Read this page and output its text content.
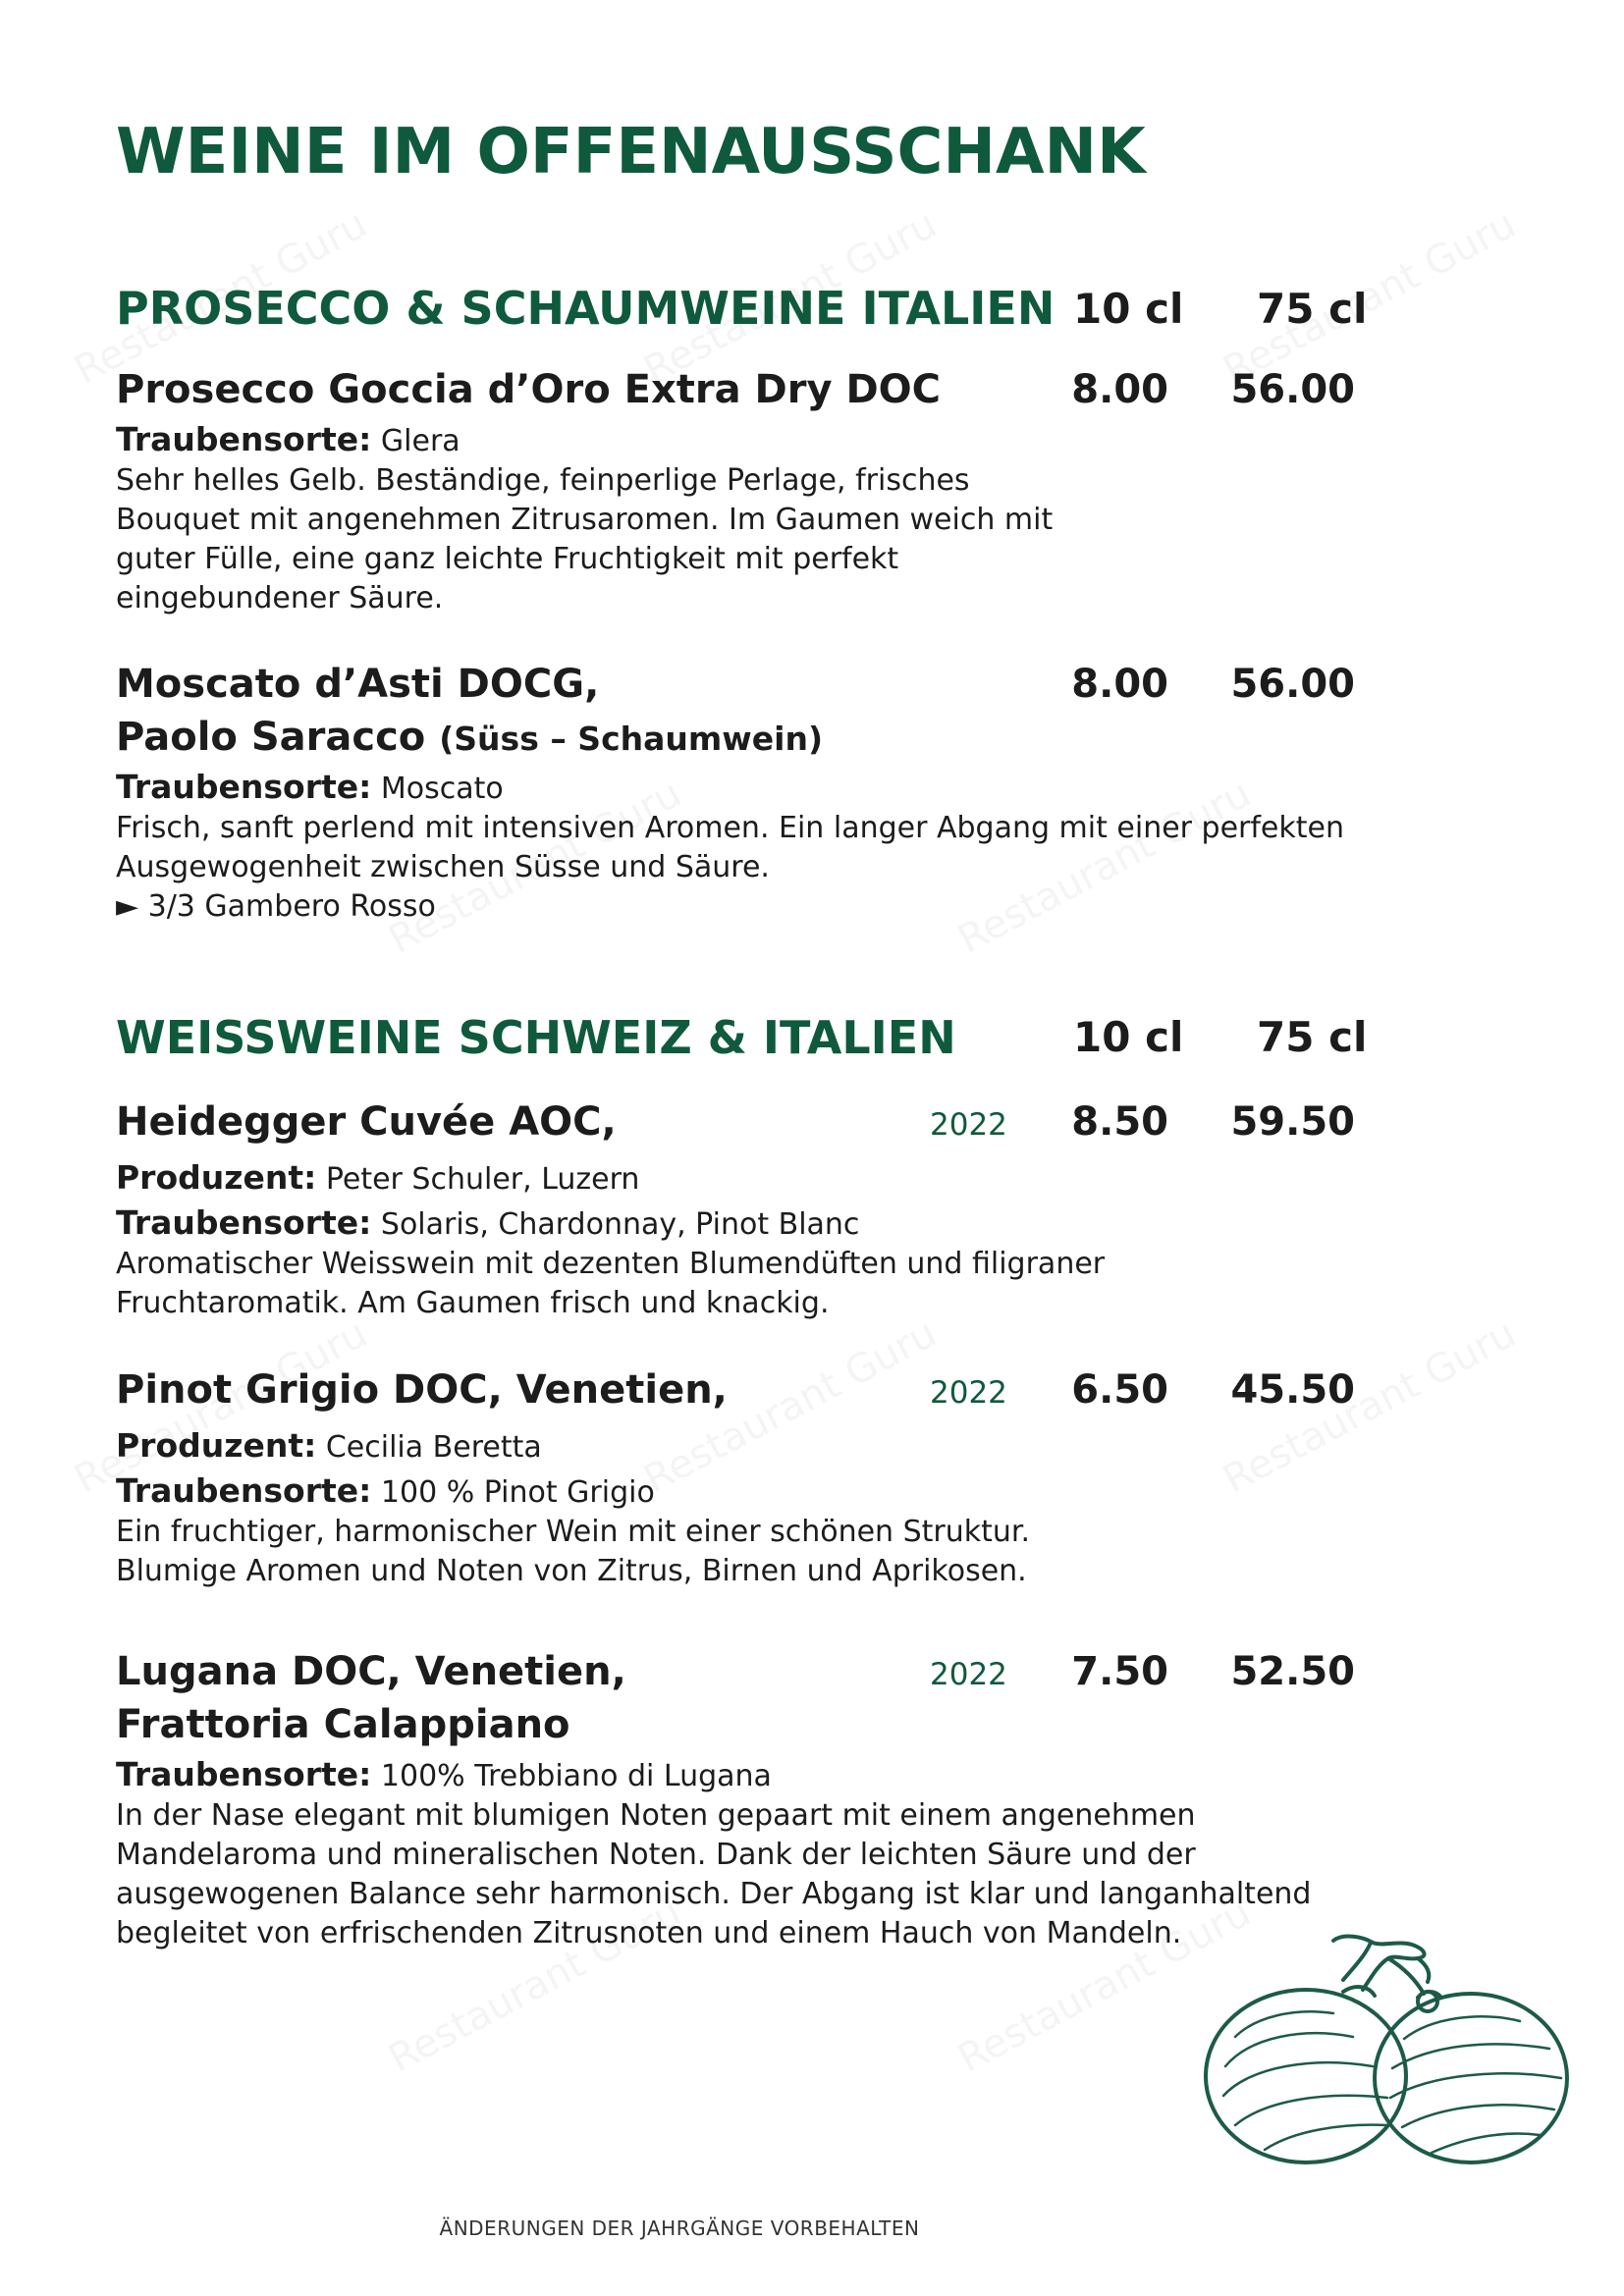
WEINE IM OFFENAUSSCHANK
PROSECCO & SCHAUMWEINE ITALIEN 10 cl 75 cl
Prosecco Goccia d’Oro Extra Dry DOC	8.00	56.00
Traubensorte: Glera
Sehr helles Gelb. Beständige, feinperlige Perlage, frisches
Bouquet mit angenehmen Zitrusaromen. Im Gaumen weich mit
guter Fülle, eine ganz leichte Fruchtigkeit mit perfekt
eingebundener Säure.
Moscato d’Asti DOCG,	8.00	56.00
Paolo Saracco (Süss – Schaumwein)
Traubensorte: Moscato
Frisch, sanft perlend mit intensiven Aromen. Ein langer Abgang mit einer perfekten
Ausgewogenheit zwischen Süsse und Säure.
► 3/3 Gambero Rosso
WEISSWEINE SCHWEIZ & ITALIEN	10 cl 75 cl
Heidegger Cuvée AOC,	2022	8.50	59.50
Produzent: Peter Schuler, Luzern
Traubensorte: Solaris, Chardonnay, Pinot Blanc
Aromatischer Weisswein mit dezenten Blumendüften und filigraner
Fruchtaromatik. Am Gaumen frisch und knackig.
Pinot Grigio DOC, Venetien,	2022	6.50	45.50
Produzent: Cecilia Beretta
Traubensorte: 100 % Pinot Grigio
Ein fruchtiger, harmonischer Wein mit einer schönen Struktur.
Blumige Aromen und Noten von Zitrus, Birnen und Aprikosen.
Lugana DOC, Venetien,	2022	7.50	52.50
Frattoria Calappiano
Traubensorte: 100% Trebbiano di Lugana
In der Nase elegant mit blumigen Noten gepaart mit einem angenehmen
Mandelaroma und mineralischen Noten. Dank der leichten Säure und der
ausgewogenen Balance sehr harmonisch. Der Abgang ist klar und langanhaltend
begleitet von erfrischenden Zitrusnoten und einem Hauch von Mandeln.
ÄNDERUNGEN DER JAHRGÄNGE VORBEHALTEN
